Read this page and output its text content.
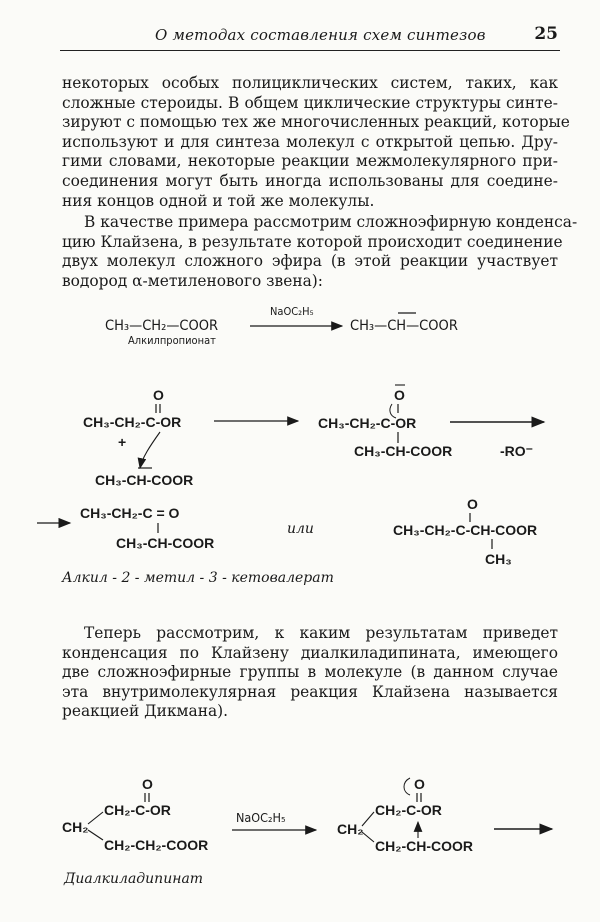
О методах составления схем синтезов	25
некоторых особых полициклических систем, таких, как
сложные стероиды. В общем циклические структуры синте-
зируют с помощью тех же многочисленных реакций, которые
используют и для синтеза молекул с открытой цепью. Дру-
гими словами, некоторые реакции межмолекулярного при-
соединения могут быть иногда использованы для соедине-
ния концов одной и той же молекулы.
В качестве примера рассмотрим сложноэфирную конденса-
цию Клайзена, в результате которой происходит соединение
двух молекул сложного эфира (в этой реакции участвует
водород α-метиленового звена):
Теперь рассмотрим, к каким результатам приведет
конденсация по Клайзену диалкиладипината, имеющего
две сложноэфирные группы в молекуле (в данном случае
эта внутримолекулярная реакция Клайзена называется
реакцией Дикмана).
CH₃—CH₂—COOR
Алкилпропионат
NaOC₂H₅
CH₃—CH—COOR
O
CH₃-CH₂-C-OR
+
CH₃-CH-COOR
O
CH₃-CH₂-C-OR
CH₃-CH-COOR	-RO⁻
CH₃-CH₂-C = O
CH₃-CH-COOR
или
O
CH₃-CH₂-C-CH-COOR
CH₃
Алкил - 2 - метил - 3 - кетовалерат
O
CH₂-C-OR
CH₂
CH₂-CH₂-COOR
NaOC₂H₅
O
CH₂-C-OR
CH₂
CH₂-CH-COOR
Диалкиладипинат
